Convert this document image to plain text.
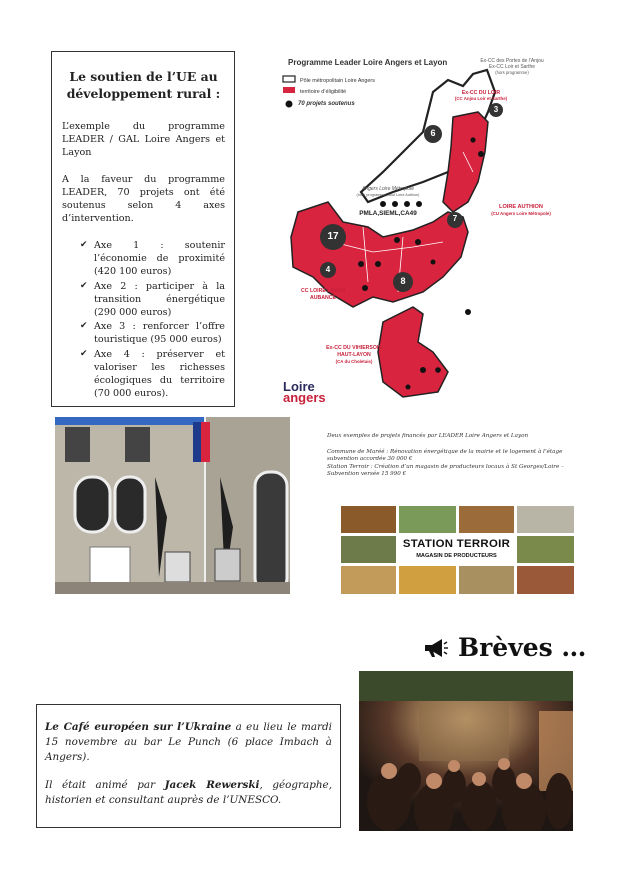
Le soutien de l’UE au développement rural :

L’exemple du programme LEADER / GAL Loire Angers et Layon

A la faveur du programme LEADER, 70 projets ont été soutenus selon 4 axes d’intervention.

✔ Axe 1 : soutenir l’économie de proximité (420 100 euros)
✔ Axe 2 : participer à la transition énergétique (290 000 euros)
✔ Axe 3 : renforcer l’offre touristique (95 000 euros)
✔ Axe 4 : préserver et valoriser les richesses écologiques du territoire (70 000 euros).
Programme Leader Loire Angers et Layon
Pôle métropolitain Loire Angers
territoire d’éligibilité
70 projets soutenus
Ex-CC des Portes de l’Anjou
Ex-CC Loir et Sarthe
(hors programme)
Ex-CC DU LOIR
(CC Anjou Loir et Sarthe)
Angers Loire Métropole
(hors programme, sauf Loire Authion)
PMLA,SIEML,CA49
LOIRE AUTHION
(CU Angers Loire Métropole)
CC LOIRE LAYON
AUBANCE
Ex-CC DU VIHIERSOIS
HAUT-LAYON
(CA du Choletais)
6
3
7
17
4
8
Loire
angers

Deux exemples de projets financés par LEADER Loire Angers et Layon

Commune de Maréé : Rénovation énergétique de la mairie et le logement à l’étage subvention accordée 30 000 €

Station Terroir : Création d’un magasin de producteurs locaux à St Georges/Loire – Subvention versée 15 990 €

STATION TERROIR
MAGASIN DE PRODUCTEURS
Brèves …

Le Café européen sur l’Ukraine a eu lieu le mardi 15 novembre au bar Le Punch (6 place Imbach à Angers).

Il était animé par Jacek Rewerski, géographe, historien et consultant auprès de l’UNESCO.
